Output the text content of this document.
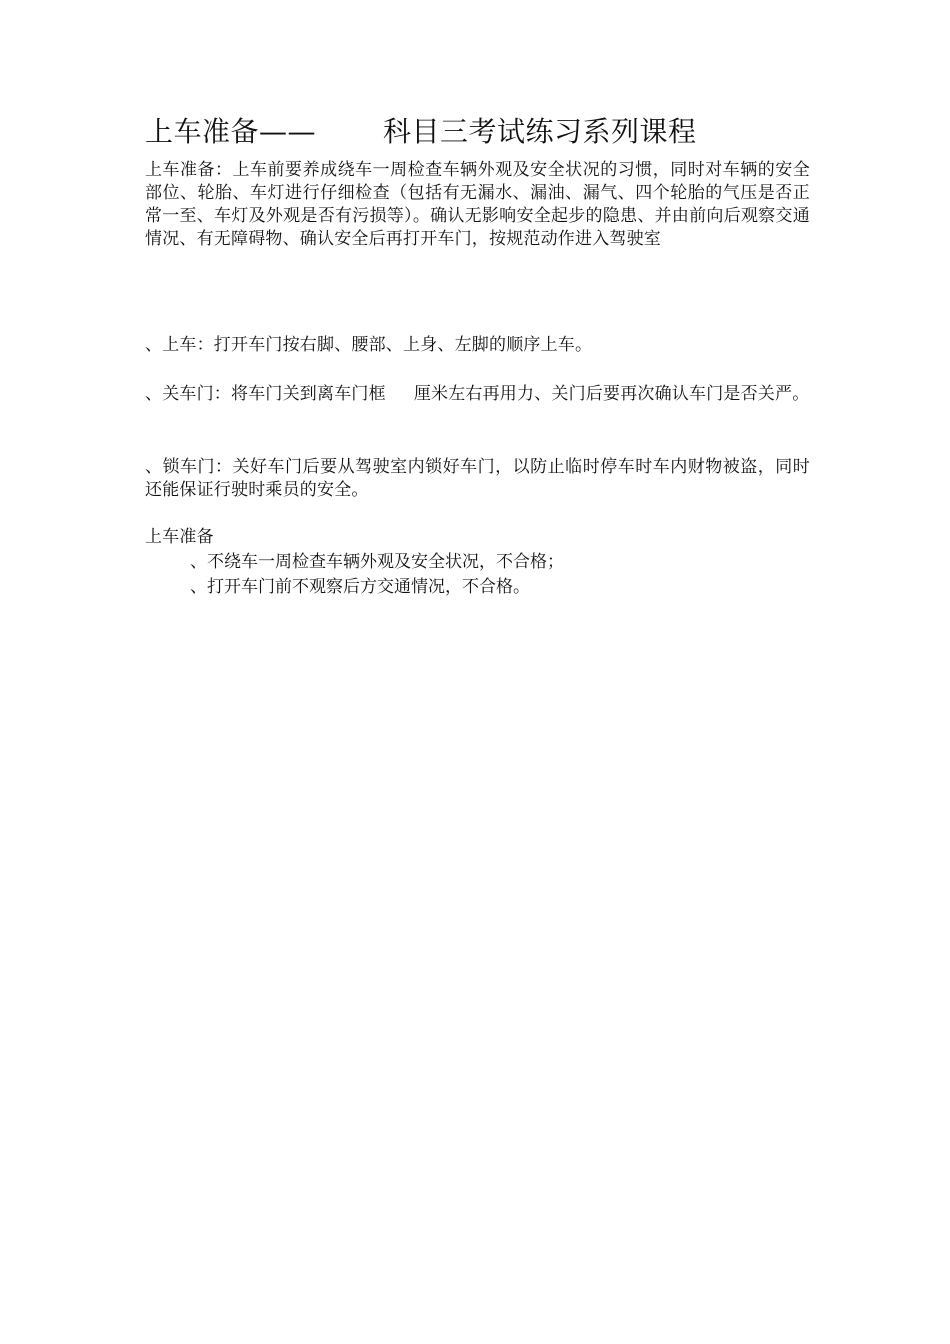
上车准备—— 科目三考试练习系列课程
上车准备：上车前要养成绕车一周检查车辆外观及安全状况的习惯，同时对车辆的安全部位、轮胎、车灯进行仔细检查（包括有无漏水、漏油、漏气、四个轮胎的气压是否正常一至、车灯及外观是否有污损等）。确认无影响安全起步的隐患、并由前向后观察交通情况、有无障碍物、确认安全后再打开车门，按规范动作进入驾驶室
、上车：打开车门按右脚、腰部、上身、左脚的顺序上车。
、关车门：将车门关到离车门框 厘米左右再用力、关门后要再次确认车门是否关严。
、锁车门：关好车门后要从驾驶室内锁好车门，以防止临时停车时车内财物被盗，同时还能保证行驶时乘员的安全。
上车准备
、不绕车一周检查车辆外观及安全状况，不合格；
、打开车门前不观察后方交通情况，不合格。
